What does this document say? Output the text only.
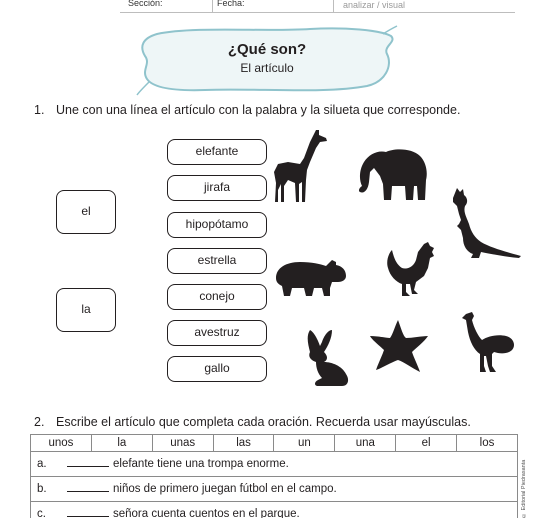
Sección:	Fecha:	analizar / visual
¿Qué son?
El artículo
1. Une con una línea el artículo con la palabra y la silueta que corresponde.
el
la
elefante
jirafa
hipopótamo
estrella
conejo
avestruz
gallo
2. Escribe el artículo que completa cada oración. Recuerda usar mayúsculas.
unos	la	unas	las	un	una	el	los
a.	elefante tiene una trompa enorme.
b.	niños de primero juegan fútbol en el campo.
c.	señora cuenta cuentos en el parque.	© Editorial Piedrasanta
